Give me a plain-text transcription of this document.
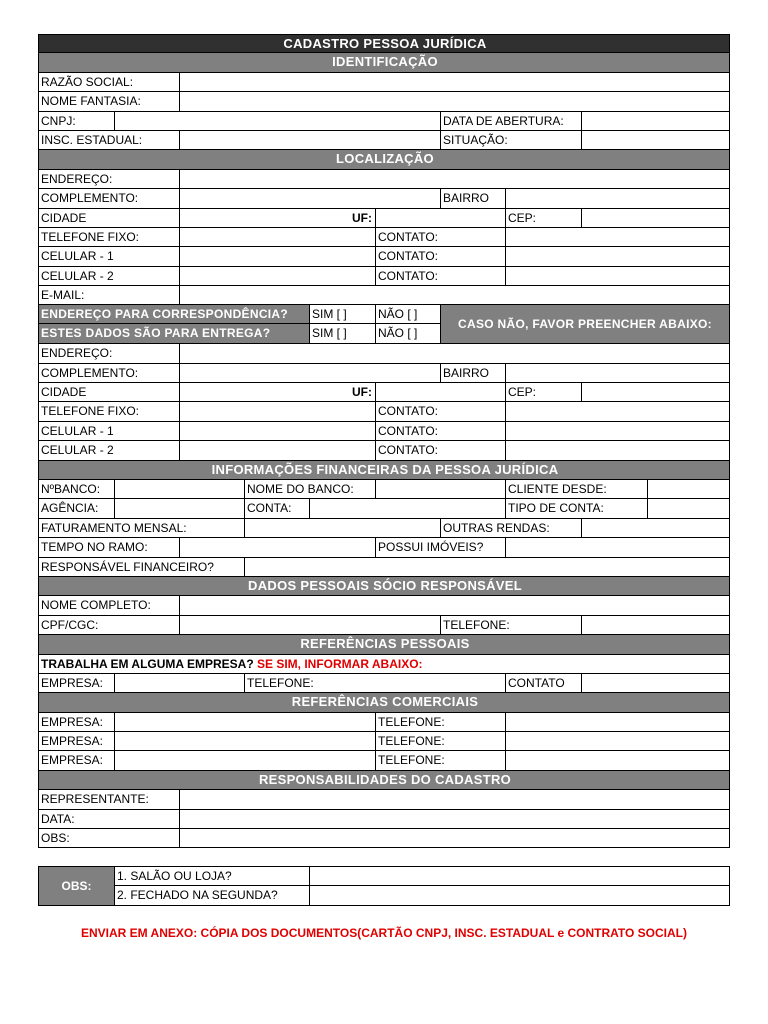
CADASTRO PESSOA JURÍDICA
IDENTIFICAÇÃO
RAZÃO SOCIAL:
NOME FANTASIA:
CNPJ:	DATA DE ABERTURA:
INSC. ESTADUAL:	SITUAÇÃO:
LOCALIZAÇÃO
ENDEREÇO:
COMPLEMENTO:	BAIRRO
CIDADE	UF:	CEP:
TELEFONE FIXO:	CONTATO:
CELULAR - 1	CONTATO:
CELULAR - 2	CONTATO:
E-MAIL:
ENDEREÇO PARA CORRESPONDÊNCIA?	SIM [ ]	NÃO [ ]
ESTES DADOS SÃO PARA ENTREGA?	SIM [ ]	NÃO [ ]
CASO NÃO, FAVOR PREENCHER ABAIXO:
ENDEREÇO:
COMPLEMENTO:	BAIRRO
CIDADE	UF:	CEP:
TELEFONE FIXO:	CONTATO:
CELULAR - 1	CONTATO:
CELULAR - 2	CONTATO:
INFORMAÇÕES FINANCEIRAS DA PESSOA JURÍDICA
NºBANCO:	NOME DO BANCO:	CLIENTE DESDE:
AGÊNCIA:	CONTA:	TIPO DE CONTA:
FATURAMENTO MENSAL:	OUTRAS RENDAS:
TEMPO NO RAMO:	POSSUI IMÓVEIS?
RESPONSÁVEL FINANCEIRO?
DADOS PESSOAIS SÓCIO RESPONSÁVEL
NOME COMPLETO:
CPF/CGC:	TELEFONE:
REFERÊNCIAS PESSOAIS
TRABALHA EM ALGUMA EMPRESA? SE SIM, INFORMAR ABAIXO:
EMPRESA:	TELEFONE:	CONTATO
REFERÊNCIAS COMERCIAIS
EMPRESA:	TELEFONE:
EMPRESA:	TELEFONE:
EMPRESA:	TELEFONE:
RESPONSABILIDADES DO CADASTRO
REPRESENTANTE:
DATA:
OBS:
OBS:
1. SALÃO OU LOJA?
2. FECHADO NA SEGUNDA?
ENVIAR EM ANEXO: CÓPIA DOS DOCUMENTOS(CARTÃO CNPJ, INSC. ESTADUAL e CONTRATO SOCIAL)
